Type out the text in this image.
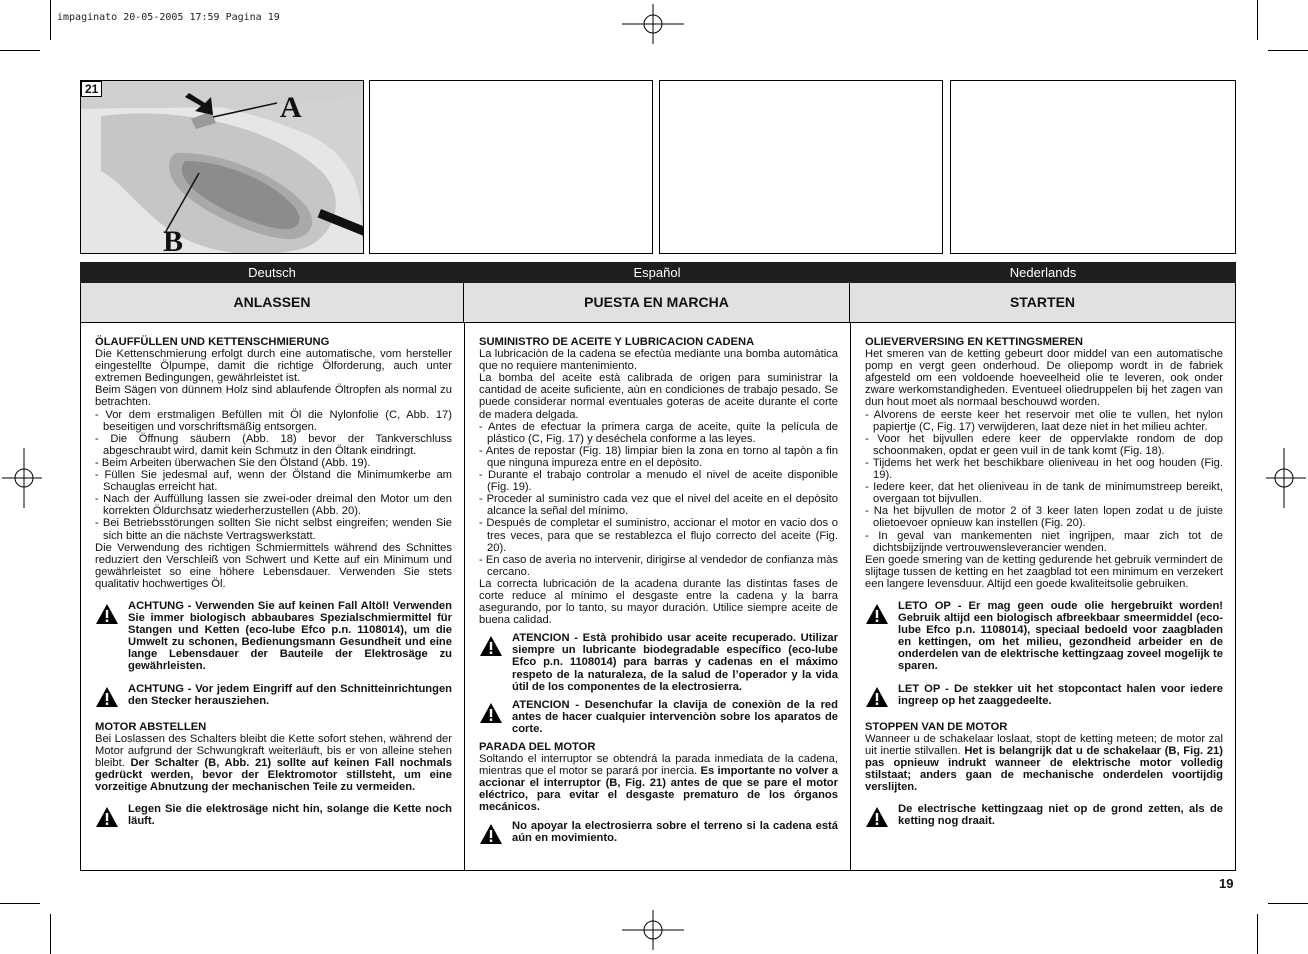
impaginato 20-05-2005 17:59 Pagina 19
A
B
21
Deutsch	Español	Nederlands
ANLASSEN	PUESTA EN MARCHA	STARTEN

ÖLAUFFÜLLEN UND KETTENSCHMIERUNG

Die Kettenschmierung erfolgt durch eine automatische, vom hersteller eingestellte Ölpumpe, damit die richtige Ölforderung, auch unter extremen Bedingungen, gewährleistet ist.

Beim Sägen von dünnem Holz sind ablaufende Öltropfen als normal zu betrachten.

- Vor dem erstmaligen Befüllen mit Öl die Nylonfolie (C, Abb. 17) beseitigen und vorschriftsmäßig entsorgen.

- Die Öffnung säubern (Abb. 18) bevor der Tankverschluss abgeschraubt wird, damit kein Schmutz in den Öltank eindringt.

- Beim Arbeiten überwachen Sie den Ölstand (Abb. 19).

- Füllen Sie jedesmal auf, wenn der Ölstand die Minimumkerbe am Schauglas erreicht hat.

- Nach der Auffüllung lassen sie zwei-oder dreimal den Motor um den korrekten Öldurchsatz wiederherzustellen (Abb. 20).

- Bei Betriebsstörungen sollten Sie nicht selbst eingreifen; wenden Sie sich bitte an die nächste Vertragswerkstatt.

Die Verwendung des richtigen Schmiermittels während des Schnittes reduziert den Verschleiß von Schwert und Kette auf ein Minimum und gewährleistet so eine höhere Lebensdauer. Verwenden Sie stets qualitativ hochwertiges Öl.

ACHTUNG - Verwenden Sie auf keinen Fall Altöl! Verwenden Sie immer biologisch abbaubares Spezialschmiermittel für Stangen und Ketten (eco-lube Efco p.n. 1108014), um die Umwelt zu schonen, Bedienungsmann Gesundheit und eine lange Lebensdauer der Bauteile der Elektrosäge zu gewährleisten.
ACHTUNG - Vor jedem Eingriff auf den Schnitteinrichtungen den Stecker herausziehen.

MOTOR ABSTELLEN

Bei Loslassen des Schalters bleibt die Kette sofort stehen, während der Motor aufgrund der Schwungkraft weiterläuft, bis er von alleine stehen bleibt. Der Schalter (B, Abb. 21) sollte auf keinen Fall nochmals gedrückt werden, bevor der Elektromotor stillsteht, um eine vorzeitige Abnutzung der mechanischen Teile zu vermeiden.

Legen Sie die elektrosäge nicht hin, solange die Kette noch läuft.

SUMINISTRO DE ACEITE Y LUBRICACION CADENA

La lubricaciòn de la cadena se efectùa mediante una bomba automàtica que no requiere mantenimiento.

La bomba del aceite està calibrada de origen para suministrar la cantidad de aceite suficiente, aùn en condiciones de trabajo pesado. Se puede considerar normal eventuales goteras de aceite durante el corte de madera delgada.

- Antes de efectuar la primera carga de aceite, quite la película de plástico (C, Fig. 17) y deséchela conforme a las leyes.

- Antes de repostar (Fig. 18) limpiar bien la zona en torno al tapòn a fin que ninguna impureza entre en el depòsito.

- Durante el trabajo controlar a menudo el nivel de aceite disponible (Fig. 19).

- Proceder al suministro cada vez que el nivel del aceite en el depòsito alcance la señal del mínimo.

- Después de completar el suministro, accionar el motor en vacio dos o tres veces, para que se restablezca el flujo correcto del aceite (Fig. 20).

- En caso de averìa no intervenir, dirigirse al vendedor de confianza màs cercano.

La correcta lubricación de la acadena durante las distintas fases de corte reduce al mínimo el desgaste entre la cadena y la barra asegurando, por lo tanto, su mayor duración. Utilice siempre aceite de buena calidad.

ATENCION - Està prohibido usar aceite recuperado. Utilizar siempre un lubricante biodegradable específico (eco-lube Efco p.n. 1108014) para barras y cadenas en el máximo respeto de la naturaleza, de la salud de l’operador y la vida útil de los componentes de la electrosierra.
ATENCION - Desenchufar la clavija de conexiòn de la red antes de hacer cualquier intervenciòn sobre los aparatos de corte.

PARADA DEL MOTOR

Soltando el interruptor se obtendrá la parada inmediata de la cadena, mientras que el motor se parará por inercia. Es importante no volver a accionar el interruptor (B, Fig. 21) antes de que se pare el motor eléctrico, para evitar el desgaste prematuro de los órganos mecánicos.

No apoyar la electrosierra sobre el terreno si la cadena está aún en movimiento.

OLIEVERVERSING EN KETTINGSMEREN

Het smeren van de ketting gebeurt door middel van een automatische pomp en vergt geen onderhoud. De oliepomp wordt in de fabriek afgesteld om een voldoende hoeveelheid olie te leveren, ook onder zware werkomstandigheden. Eventueel oliedruppelen bij het zagen van dun hout moet als normaal beschouwd worden.

- Alvorens de eerste keer het reservoir met olie te vullen, het nylon papiertje (C, Fig. 17) verwijderen, laat deze niet in het milieu achter.

- Voor het bijvullen edere keer de oppervlakte rondom de dop schoonmaken, opdat er geen vuil in de tank komt (Fig. 18).

- Tijdems het werk het beschikbare olieniveau in het oog houden (Fig. 19).

- Iedere keer, dat het olieniveau in de tank de minimumstreep bereikt, overgaan tot bijvullen.

- Na het bijvullen de motor 2 of 3 keer laten lopen zodat u de juiste olietoevoer opnieuw kan instellen (Fig. 20).

- In geval van mankementen niet ingrijpen, maar zich tot de dichtsbijzijnde vertrouwensleverancier wenden.

Een goede smering van de ketting gedurende het gebruik vermindert de slijtage tussen de ketting en het zaagblad tot een minimum en verzekert een langere levensduur. Altijd een goede kwaliteitsolie gebruiken.

LETO OP - Er mag geen oude olie hergebruikt worden! Gebruik altijd een biologisch afbreekbaar smeermiddel (eco-lube Efco p.n. 1108014), speciaal bedoeld voor zaagbladen en kettingen, om het milieu, gezondheid arbeider en de onderdelen van de elektrische kettingzaag zoveel mogelijk te sparen.
LET OP - De stekker uit het stopcontact halen voor iedere ingreep op het zaaggedeelte.

STOPPEN VAN DE MOTOR

Wanneer u de schakelaar loslaat, stopt de ketting meteen; de motor zal uit inertie stilvallen. Het is belangrijk dat u de schakelaar (B, Fig. 21) pas opnieuw indrukt wanneer de elektrische motor volledig stilstaat; anders gaan de mechanische onderdelen voortijdig verslijten.

De electrische kettingzaag niet op de grond zetten, als de ketting nog draait.
19
